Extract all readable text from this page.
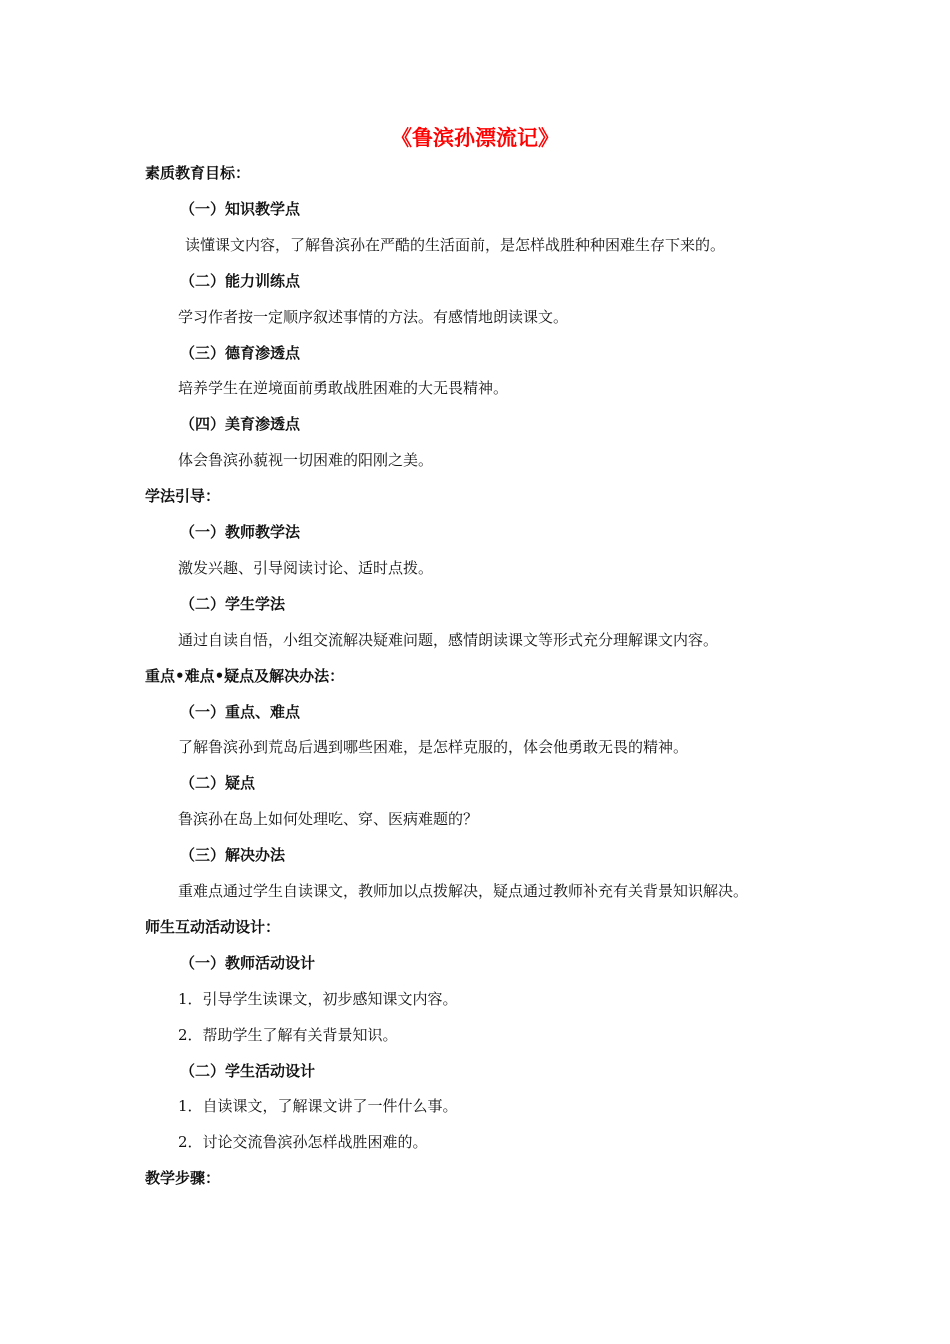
《鲁滨孙漂流记》
素质教育目标：
（一）知识教学点
读懂课文内容，了解鲁滨孙在严酷的生活面前，是怎样战胜种种困难生存下来的。
（二）能力训练点
学习作者按一定顺序叙述事情的方法。有感情地朗读课文。
（三）德育渗透点
培养学生在逆境面前勇敢战胜困难的大无畏精神。
（四）美育渗透点
体会鲁滨孙藐视一切困难的阳刚之美。
学法引导：
（一）教师教学法
激发兴趣、引导阅读讨论、适时点拨。
（二）学生学法
通过自读自悟，小组交流解决疑难问题，感情朗读课文等形式充分理解课文内容。
重点•难点•疑点及解决办法：
（一）重点、难点
了解鲁滨孙到荒岛后遇到哪些困难，是怎样克服的，体会他勇敢无畏的精神。
（二）疑点
鲁滨孙在岛上如何处理吃、穿、医病难题的？
（三）解决办法
重难点通过学生自读课文，教师加以点拨解决，疑点通过教师补充有关背景知识解决。
师生互动活动设计：
（一）教师活动设计
1．引导学生读课文，初步感知课文内容。
2．帮助学生了解有关背景知识。
（二）学生活动设计
1．自读课文，了解课文讲了一件什么事。
2．讨论交流鲁滨孙怎样战胜困难的。
教学步骤：
